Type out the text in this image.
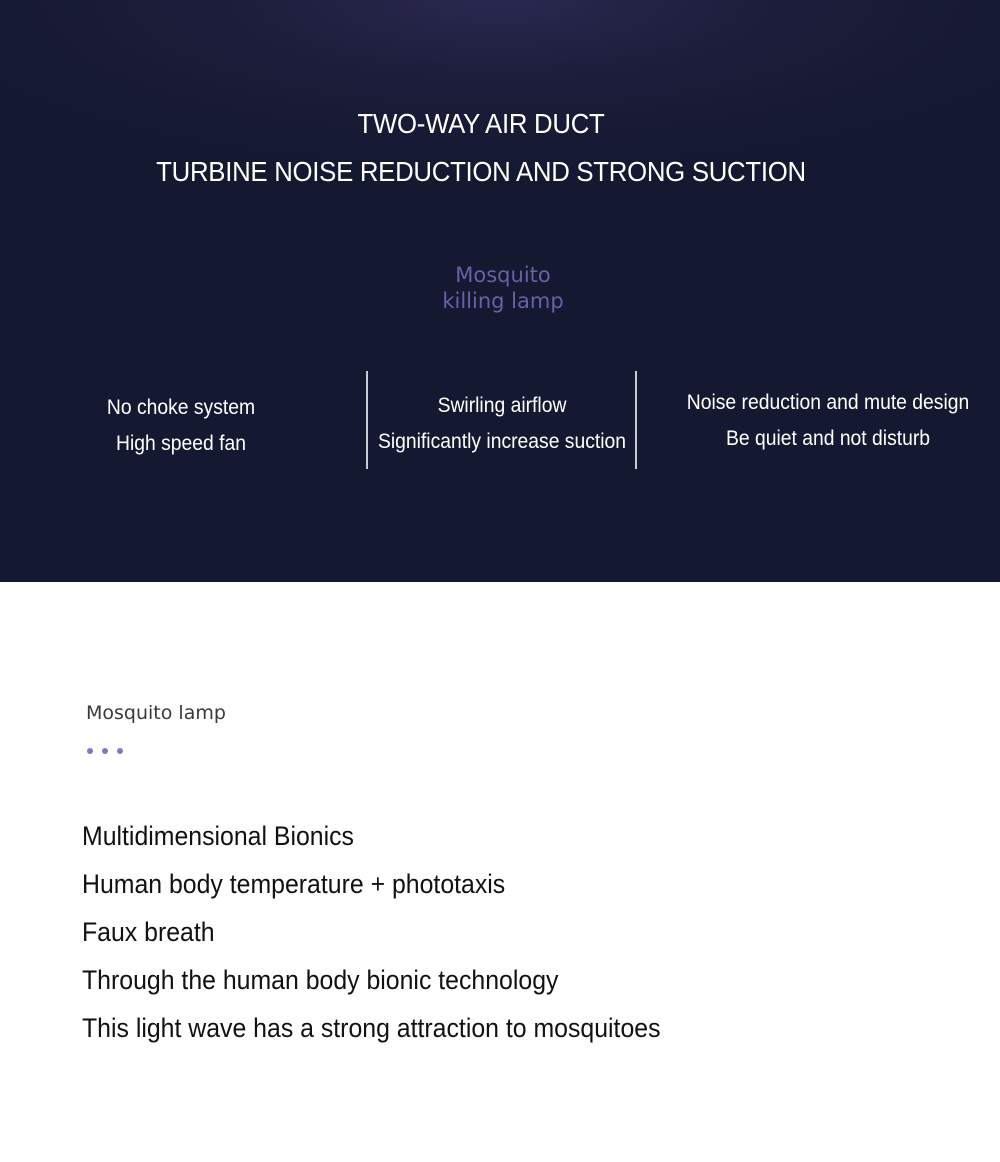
TWO-WAY AIR DUCT
TURBINE NOISE REDUCTION AND STRONG SUCTION
Mosquito
killing lamp
No choke system
High speed fan
Swirling airflow
Significantly increase suction
Noise reduction and mute design
Be quiet and not disturb
Mosquito lamp
Multidimensional Bionics
Human body temperature + phototaxis
Faux breath
Through the human body bionic technology
This light wave has a strong attraction to mosquitoes
